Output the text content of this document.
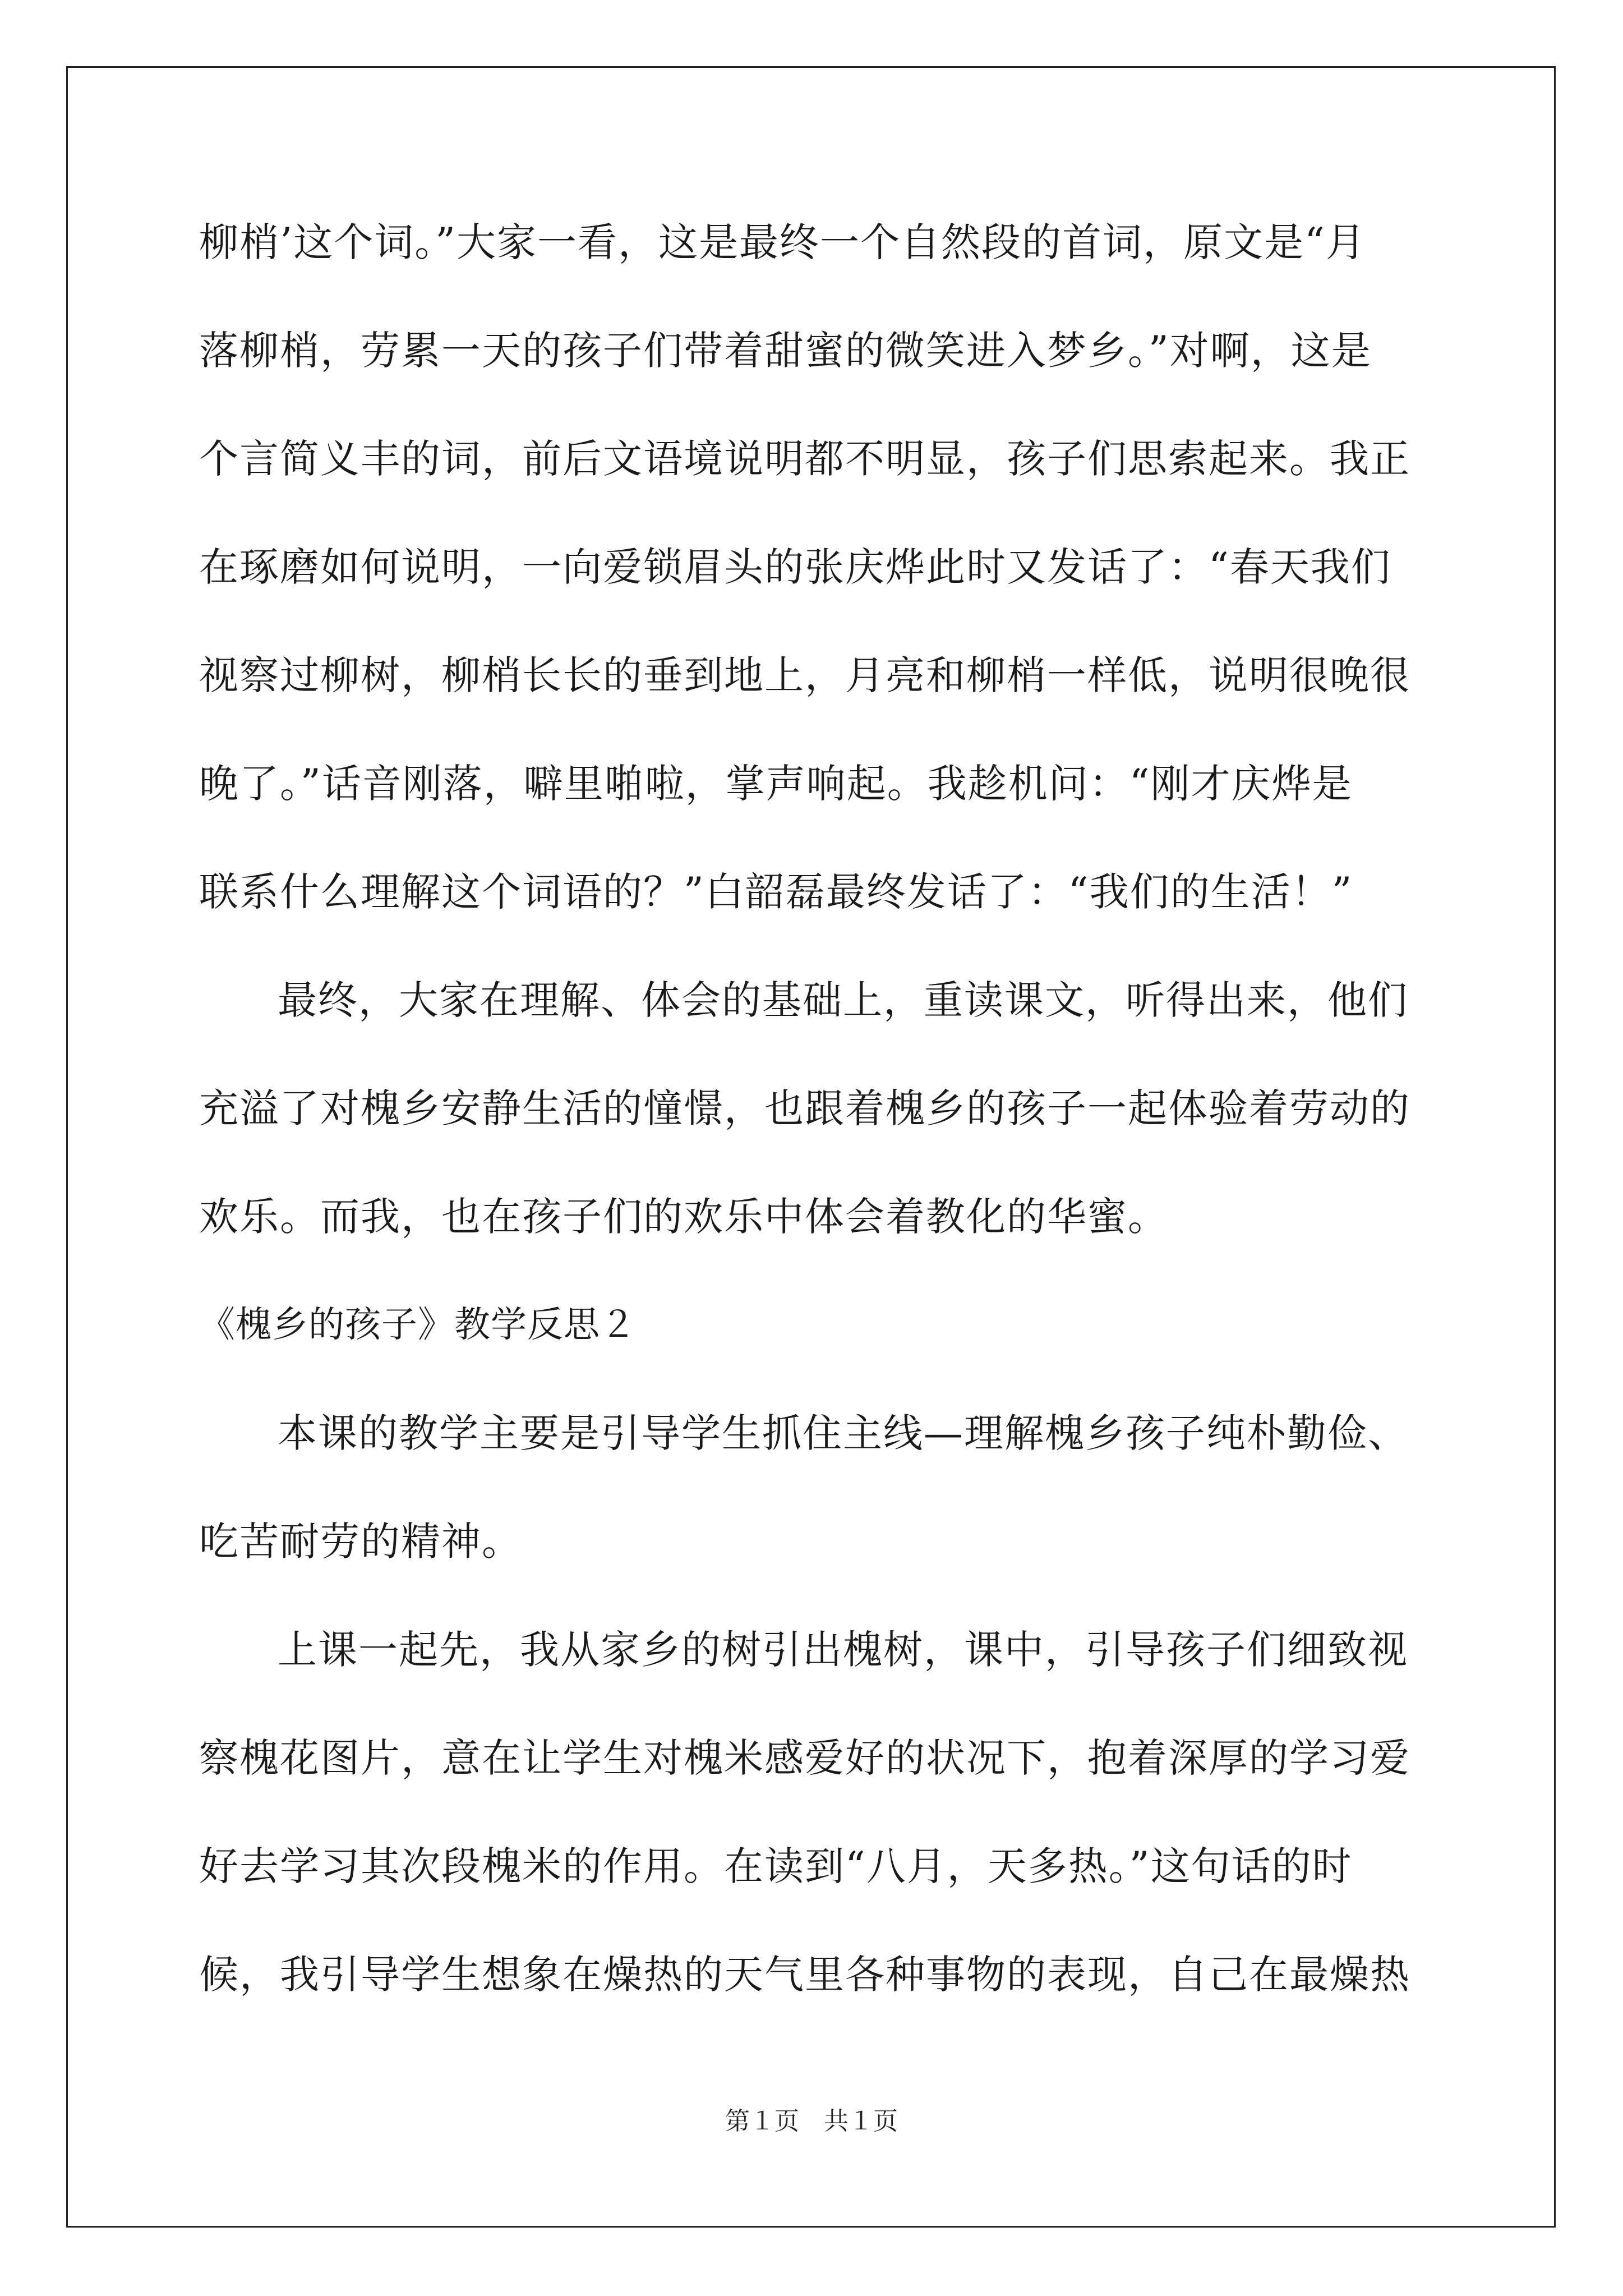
柳梢’这个词。”大家一看，这是最终一个自然段的首词，原文是“月
落柳梢，劳累一天的孩子们带着甜蜜的微笑进入梦乡。”对啊，这是
个言简义丰的词，前后文语境说明都不明显，孩子们思索起来。我正
在琢磨如何说明，一向爱锁眉头的张庆烨此时又发话了：“春天我们
视察过柳树，柳梢长长的垂到地上，月亮和柳梢一样低，说明很晚很
晚了。”话音刚落，噼里啪啦，掌声响起。我趁机问：“刚才庆烨是
联系什么理解这个词语的？”白韶磊最终发话了：“我们的生活！”
最终，大家在理解、体会的基础上，重读课文，听得出来，他们
充溢了对槐乡安静生活的憧憬，也跟着槐乡的孩子一起体验着劳动的
欢乐。而我，也在孩子们的欢乐中体会着教化的华蜜。
《槐乡的孩子》教学反思２
本课的教学主要是引导学生抓住主线—理解槐乡孩子纯朴勤俭、
吃苦耐劳的精神。
上课一起先，我从家乡的树引出槐树，课中，引导孩子们细致视
察槐花图片，意在让学生对槐米感爱好的状况下，抱着深厚的学习爱
好去学习其次段槐米的作用。在读到“八月，天多热。”这句话的时
候，我引导学生想象在燥热的天气里各种事物的表现，自己在最燥热
第１页　共１页
